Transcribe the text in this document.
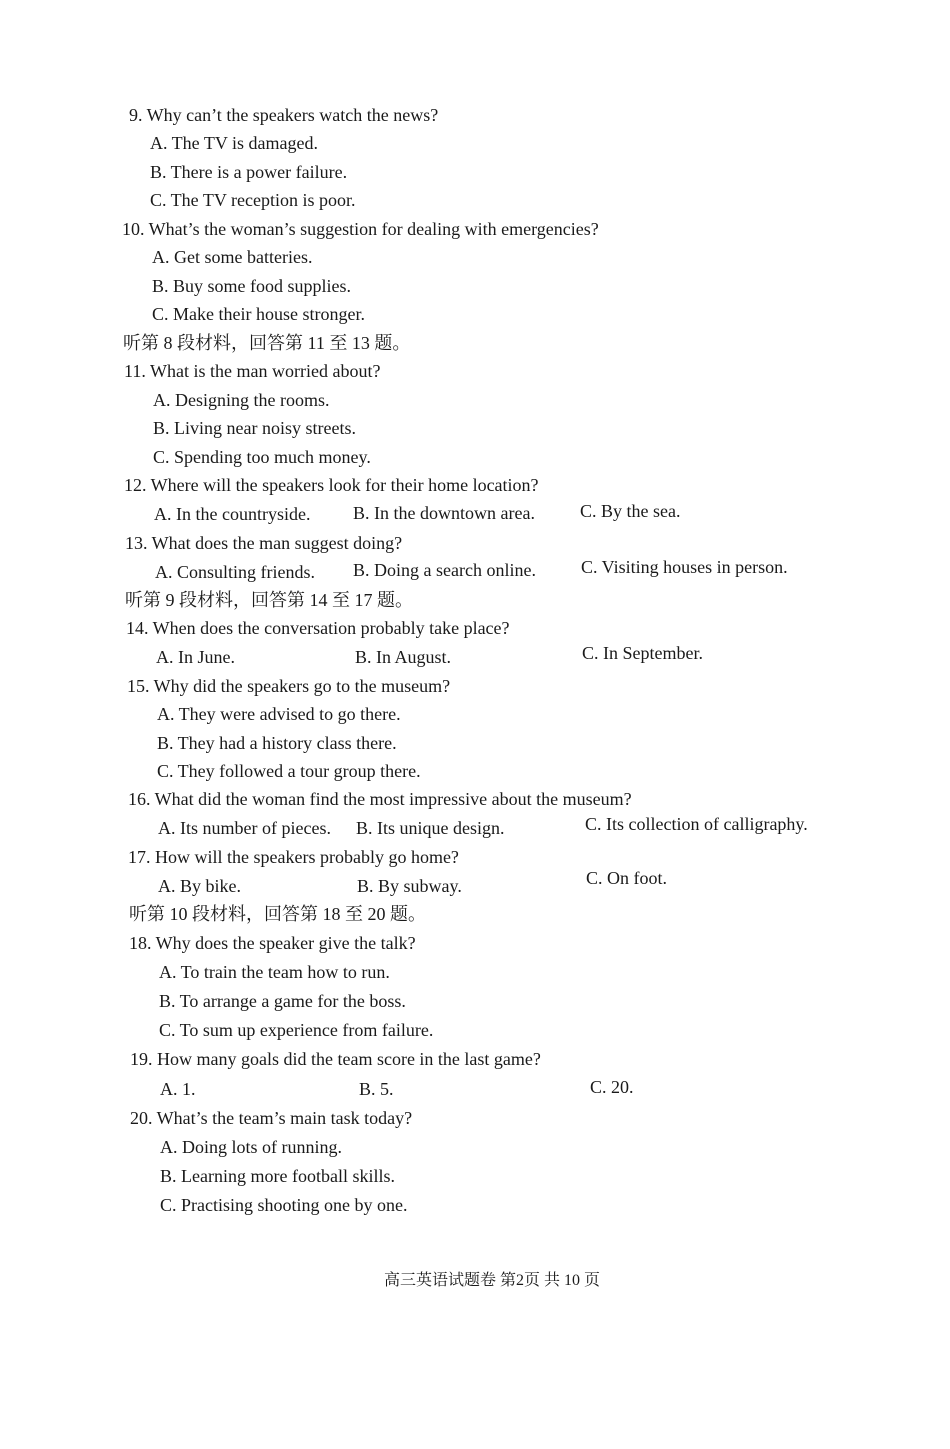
9. Why can’t the speakers watch the news?
A. The TV is damaged.
B. There is a power failure.
C. The TV reception is poor.
10. What’s the woman’s suggestion for dealing with emergencies?
A. Get some batteries.
B. Buy some food supplies.
C. Make their house stronger.
听第 8 段材料，回答第 11 至 13 题。
11. What is the man worried about?
A. Designing the rooms.
B. Living near noisy streets.
C. Spending too much money.
12. Where will the speakers look for their home location?
A. In the countryside. B. In the downtown area.	C. By the sea.
13. What does the man suggest doing?
A. Consulting friends. B. Doing a search online.	C. Visiting houses in person.
听第 9 段材料，回答第 14 至 17 题。
14. When does the conversation probably take place?
A. In June.	B. In August.	C. In September.
15. Why did the speakers go to the museum?
A. They were advised to go there.
B. They had a history class there.
C. They followed a tour group there.
16. What did the woman find the most impressive about the museum?
A. Its number of pieces. B. Its unique design.	C. Its collection of calligraphy.
17. How will the speakers probably go home?
A. By bike.	B. By subway.	C. On foot.
听第 10 段材料，回答第 18 至 20 题。
18. Why does the speaker give the talk?
A. To train the team how to run.
B. To arrange a game for the boss.
C. To sum up experience from failure.
19. How many goals did the team score in the last game?
A. 1.	B. 5.	C. 20.
20. What’s the team’s main task today?
A. Doing lots of running.
B. Learning more football skills.
C. Practising shooting one by one.
高三英语试题卷 第2页 共 10 页
